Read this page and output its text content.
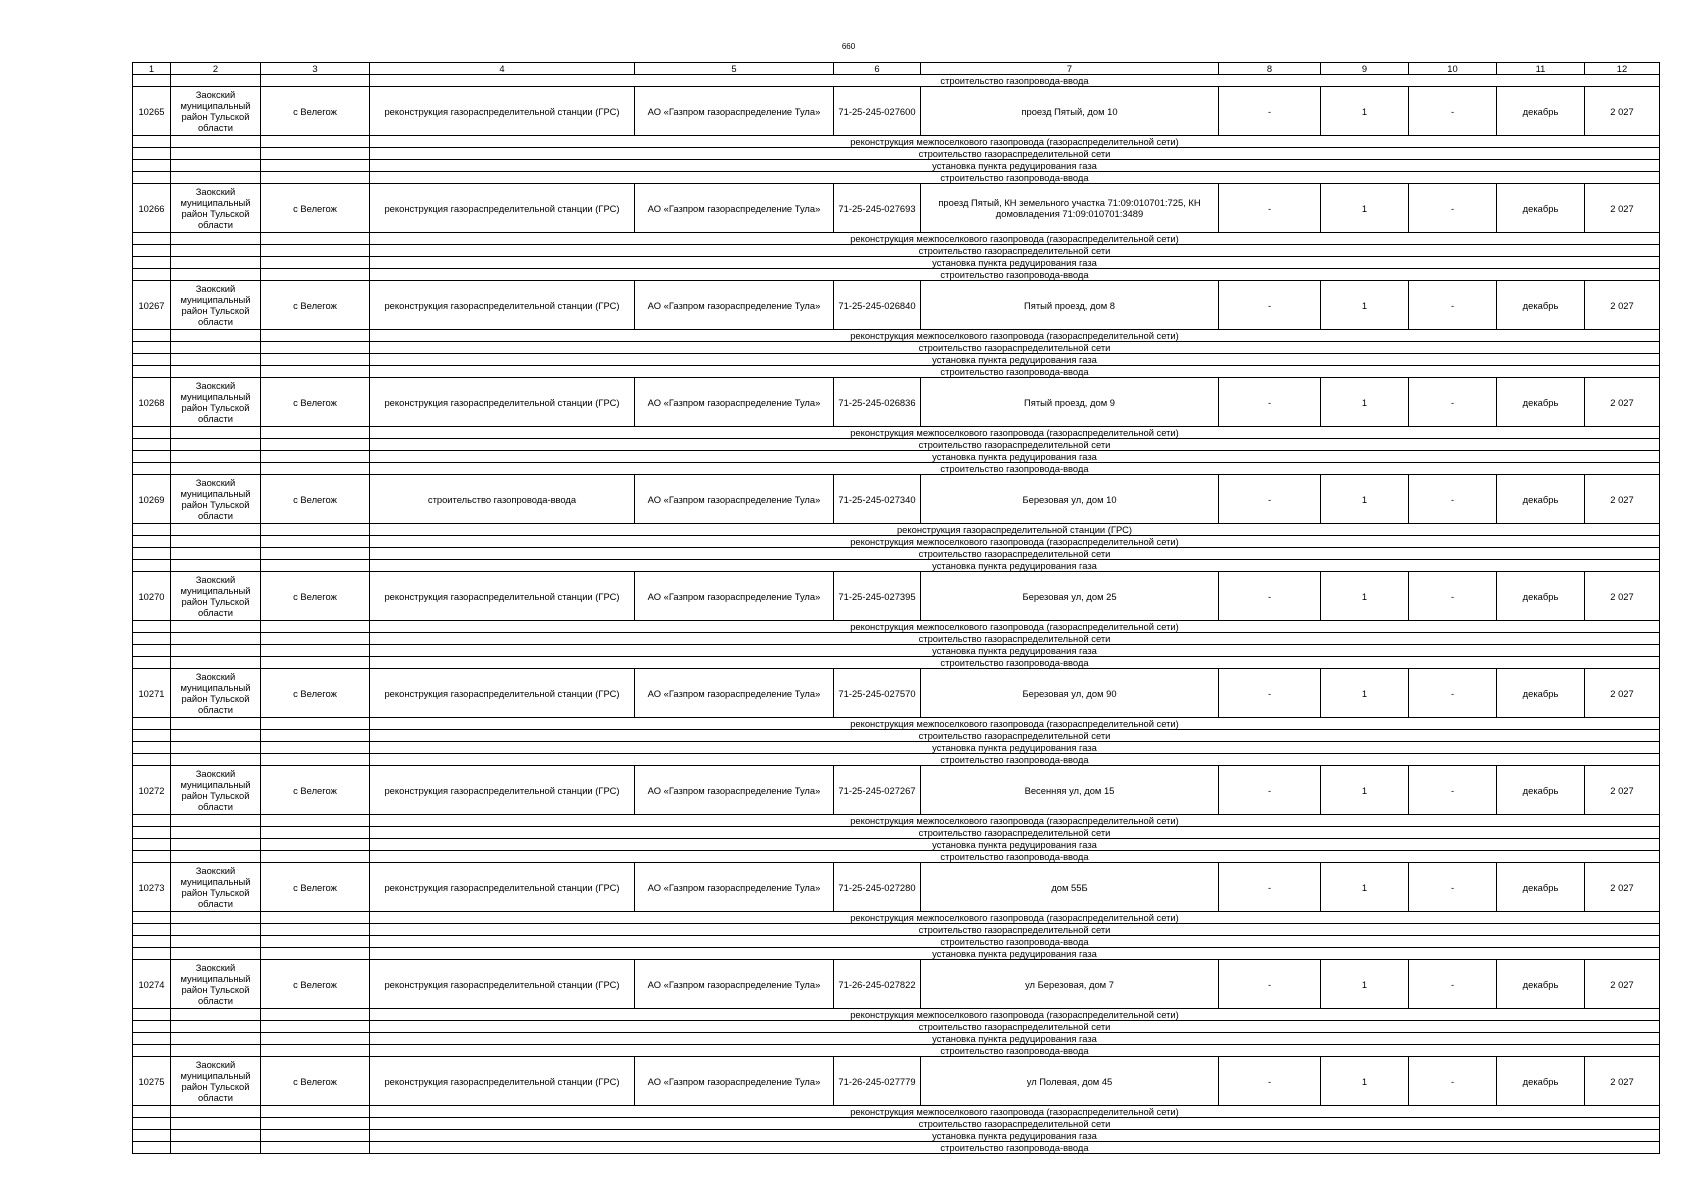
660
1	2	3	4	5	6	7	8	9	10	11	12
			строительство газопровода-ввода								
10265	Заокский муниципальный район Тульской области	с Велегож	реконструкция газораспределительной станции (ГРС)	АО «Газпром газораспределение Тула»	71-25-245-027600	проезд Пятый, дом 10	-	1	-	декабрь	2 027
			реконструкция межпоселкового газопровода (газораспределительной сети)								
			строительство газораспределительной сети								
			установка пункта редуцирования газа								
			строительство газопровода-ввода								
10266	Заокский муниципальный район Тульской области	с Велегож	реконструкция газораспределительной станции (ГРС)	АО «Газпром газораспределение Тула»	71-25-245-027693	проезд Пятый, КН земельного участка 71:09:010701:725, КН домовладения 71:09:010701:3489	-	1	-	декабрь	2 027
			реконструкция межпоселкового газопровода (газораспределительной сети)								
			строительство газораспределительной сети								
			установка пункта редуцирования газа								
			строительство газопровода-ввода								
10267	Заокский муниципальный район Тульской области	с Велегож	реконструкция газораспределительной станции (ГРС)	АО «Газпром газораспределение Тула»	71-25-245-026840	Пятый проезд, дом 8	-	1	-	декабрь	2 027
			реконструкция межпоселкового газопровода (газораспределительной сети)								
			строительство газораспределительной сети								
			установка пункта редуцирования газа								
			строительство газопровода-ввода								
10268	Заокский муниципальный район Тульской области	с Велегож	реконструкция газораспределительной станции (ГРС)	АО «Газпром газораспределение Тула»	71-25-245-026836	Пятый проезд, дом 9	-	1	-	декабрь	2 027
			реконструкция межпоселкового газопровода (газораспределительной сети)								
			строительство газораспределительной сети								
			установка пункта редуцирования газа								
			строительство газопровода-ввода								
10269	Заокский муниципальный район Тульской области	с Велегож	строительство газопровода-ввода	АО «Газпром газораспределение Тула»	71-25-245-027340	Березовая ул, дом 10	-	1	-	декабрь	2 027
			реконструкция газораспределительной станции (ГРС)								
			реконструкция межпоселкового газопровода (газораспределительной сети)								
			строительство газораспределительной сети								
			установка пункта редуцирования газа								
10270	Заокский муниципальный район Тульской области	с Велегож	реконструкция газораспределительной станции (ГРС)	АО «Газпром газораспределение Тула»	71-25-245-027395	Березовая ул, дом 25	-	1	-	декабрь	2 027
			реконструкция межпоселкового газопровода (газораспределительной сети)								
			строительство газораспределительной сети								
			установка пункта редуцирования газа								
			строительство газопровода-ввода								
10271	Заокский муниципальный район Тульской области	с Велегож	реконструкция газораспределительной станции (ГРС)	АО «Газпром газораспределение Тула»	71-25-245-027570	Березовая ул, дом 90	-	1	-	декабрь	2 027
			реконструкция межпоселкового газопровода (газораспределительной сети)								
			строительство газораспределительной сети								
			установка пункта редуцирования газа								
			строительство газопровода-ввода								
10272	Заокский муниципальный район Тульской области	с Велегож	реконструкция газораспределительной станции (ГРС)	АО «Газпром газораспределение Тула»	71-25-245-027267	Весенняя ул, дом 15	-	1	-	декабрь	2 027
			реконструкция межпоселкового газопровода (газораспределительной сети)								
			строительство газораспределительной сети								
			установка пункта редуцирования газа								
			строительство газопровода-ввода								
10273	Заокский муниципальный район Тульской области	с Велегож	реконструкция газораспределительной станции (ГРС)	АО «Газпром газораспределение Тула»	71-25-245-027280	дом 55Б	-	1	-	декабрь	2 027
			реконструкция межпоселкового газопровода (газораспределительной сети)								
			строительство газораспределительной сети								
			строительство газопровода-ввода								
			установка пункта редуцирования газа								
10274	Заокский муниципальный район Тульской области	с Велегож	реконструкция газораспределительной станции (ГРС)	АО «Газпром газораспределение Тула»	71-26-245-027822	ул Березовая, дом 7	-	1	-	декабрь	2 027
			реконструкция межпоселкового газопровода (газораспределительной сети)								
			строительство газораспределительной сети								
			установка пункта редуцирования газа								
			строительство газопровода-ввода								
10275	Заокский муниципальный район Тульской области	с Велегож	реконструкция газораспределительной станции (ГРС)	АО «Газпром газораспределение Тула»	71-26-245-027779	ул Полевая, дом 45	-	1	-	декабрь	2 027
			реконструкция межпоселкового газопровода (газораспределительной сети)								
			строительство газораспределительной сети								
			установка пункта редуцирования газа								
			строительство газопровода-ввода								
